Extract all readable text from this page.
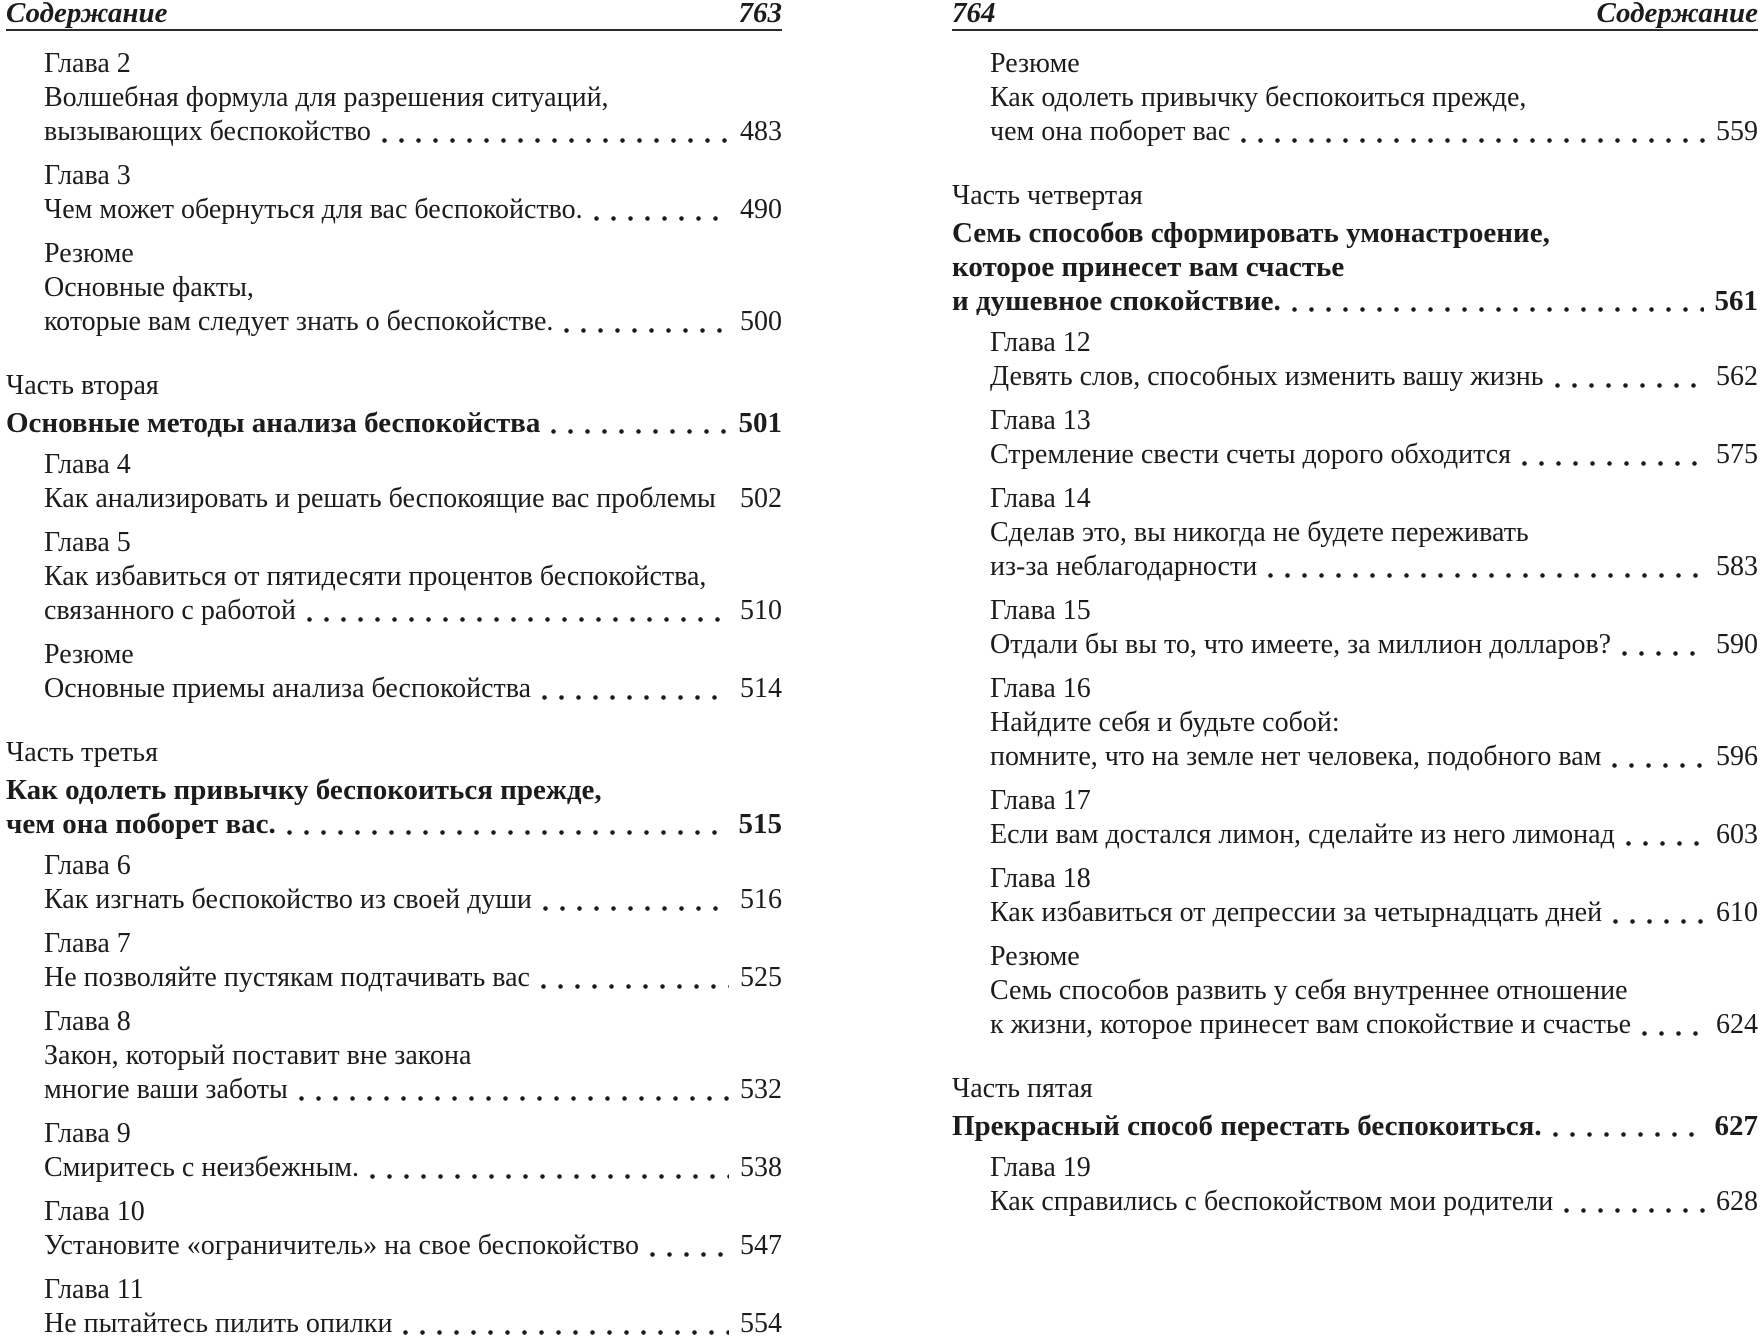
Содержание	763
Глава 2
Волшебная формула для разрешения ситуаций,
вызывающих беспокойство	483
Глава 3
Чем может обернуться для вас беспокойство.	490
Резюме
Основные факты,
которые вам следует знать о беспокойстве.	500
Часть вторая
Основные методы анализа беспокойства	501
Глава 4
Как анализировать и решать беспокоящие вас проблемы 502
Глава 5
Как избавиться от пятидесяти процентов беспокойства,
связанного с работой	510
Резюме
Основные приемы анализа беспокойства	514
Часть третья
Как одолеть привычку беспокоиться прежде,
чем она поборет вас.	515
Глава 6
Как изгнать беспокойство из своей души	516
Глава 7
Не позволяйте пустякам подтачивать вас	525
Глава 8
Закон, который поставит вне закона
многие ваши заботы	532
Глава 9
Смиритесь с неизбежным.	538
Глава 10
Установите «ограничитель» на свое беспокойство	547
Глава 11
Не пытайтесь пилить опилки	554
764	Содержание
Резюме
Как одолеть привычку беспокоиться прежде,
чем она поборет вас	559
Часть четвертая
Семь способов сформировать умонастроение,
которое принесет вам счастье
и душевное спокойствие.	561
Глава 12
Девять слов, способных изменить вашу жизнь	562
Глава 13
Стремление свести счеты дорого обходится	575
Глава 14
Сделав это, вы никогда не будете переживать
из-за неблагодарности	583
Глава 15
Отдали бы вы то, что имеете, за миллион долларов?	590
Глава 16
Найдите себя и будьте собой:
помните, что на земле нет человека, подобного вам	596
Глава 17
Если вам достался лимон, сделайте из него лимонад	603
Глава 18
Как избавиться от депрессии за четырнадцать дней	610
Резюме
Семь способов развить у себя внутреннее отношение
к жизни, которое принесет вам спокойствие и счастье	624
Часть пятая
Прекрасный способ перестать беспокоиться.	627
Глава 19
Как справились с беспокойством мои родители	628
